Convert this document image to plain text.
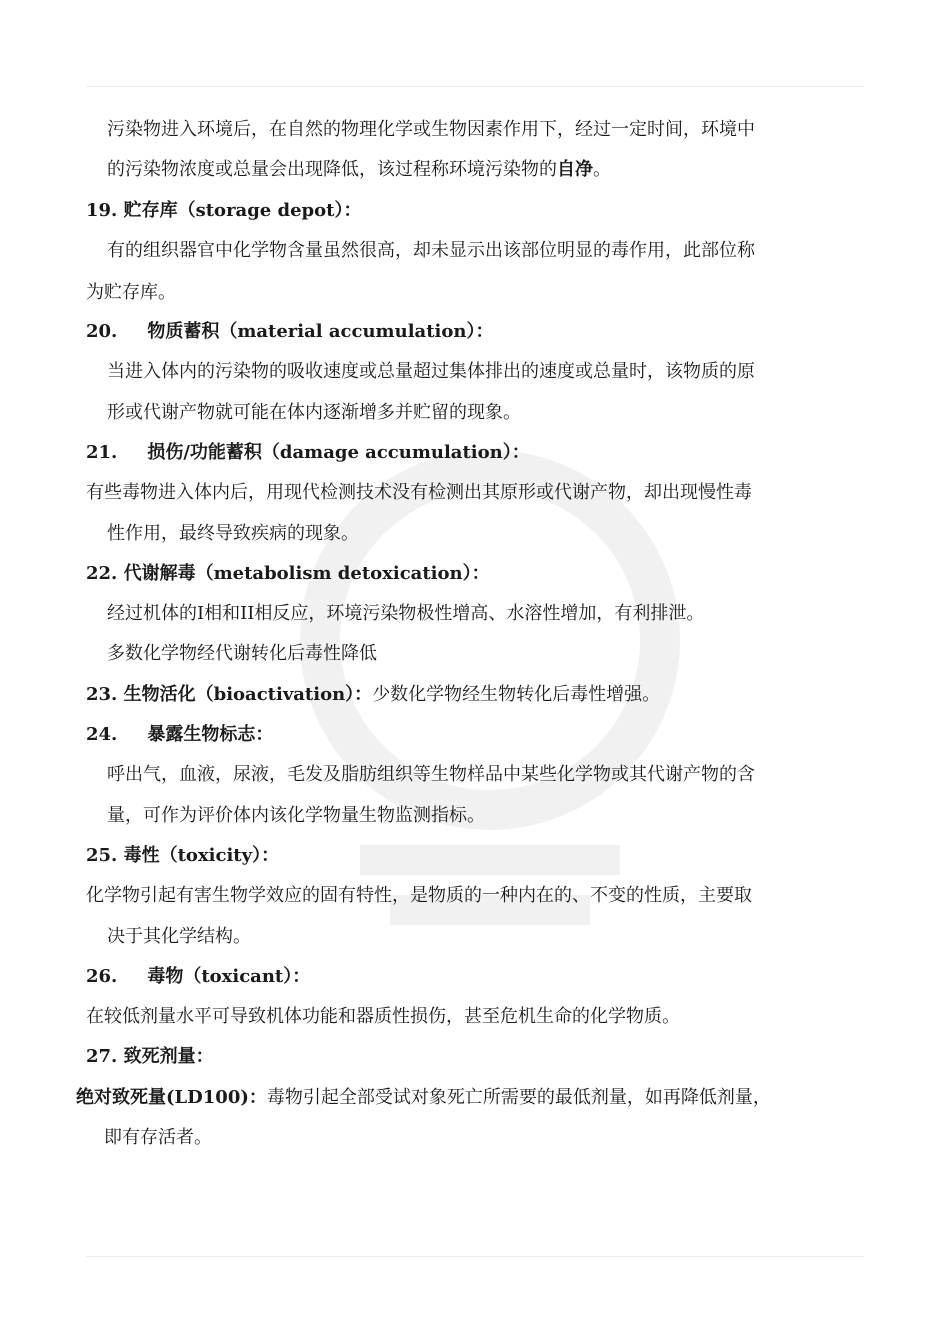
污染物进入环境后，在自然的物理化学或生物因素作用下，经过一定时间，环境中
的污染物浓度或总量会出现降低，该过程称环境污染物的自净。
19. 贮存库（storage depot）：
有的组织器官中化学物含量虽然很高，却未显示出该部位明显的毒作用，此部位称
为贮存库。
20. 物质蓄积（material accumulation）：
当进入体内的污染物的吸收速度或总量超过集体排出的速度或总量时，该物质的原
形或代谢产物就可能在体内逐渐增多并贮留的现象。
21. 损伤/功能蓄积（damage accumulation）：
有些毒物进入体内后，用现代检测技术没有检测出其原形或代谢产物，却出现慢性毒
性作用，最终导致疾病的现象。
22. 代谢解毒（metabolism detoxication）：
经过机体的I相和II相反应，环境污染物极性增高、水溶性增加，有利排泄。
多数化学物经代谢转化后毒性降低
23. 生物活化（bioactivation）：少数化学物经生物转化后毒性增强。
24. 暴露生物标志：
呼出气，血液，尿液，毛发及脂肪组织等生物样品中某些化学物或其代谢产物的含
量，可作为评价体内该化学物量生物监测指标。
25. 毒性（toxicity）：
化学物引起有害生物学效应的固有特性，是物质的一种内在的、不变的性质，主要取
决于其化学结构。
26. 毒物（toxicant）：
在较低剂量水平可导致机体功能和器质性损伤，甚至危机生命的化学物质。
27. 致死剂量：
绝对致死量(LD100)：毒物引起全部受试对象死亡所需要的最低剂量，如再降低剂量，
即有存活者。
